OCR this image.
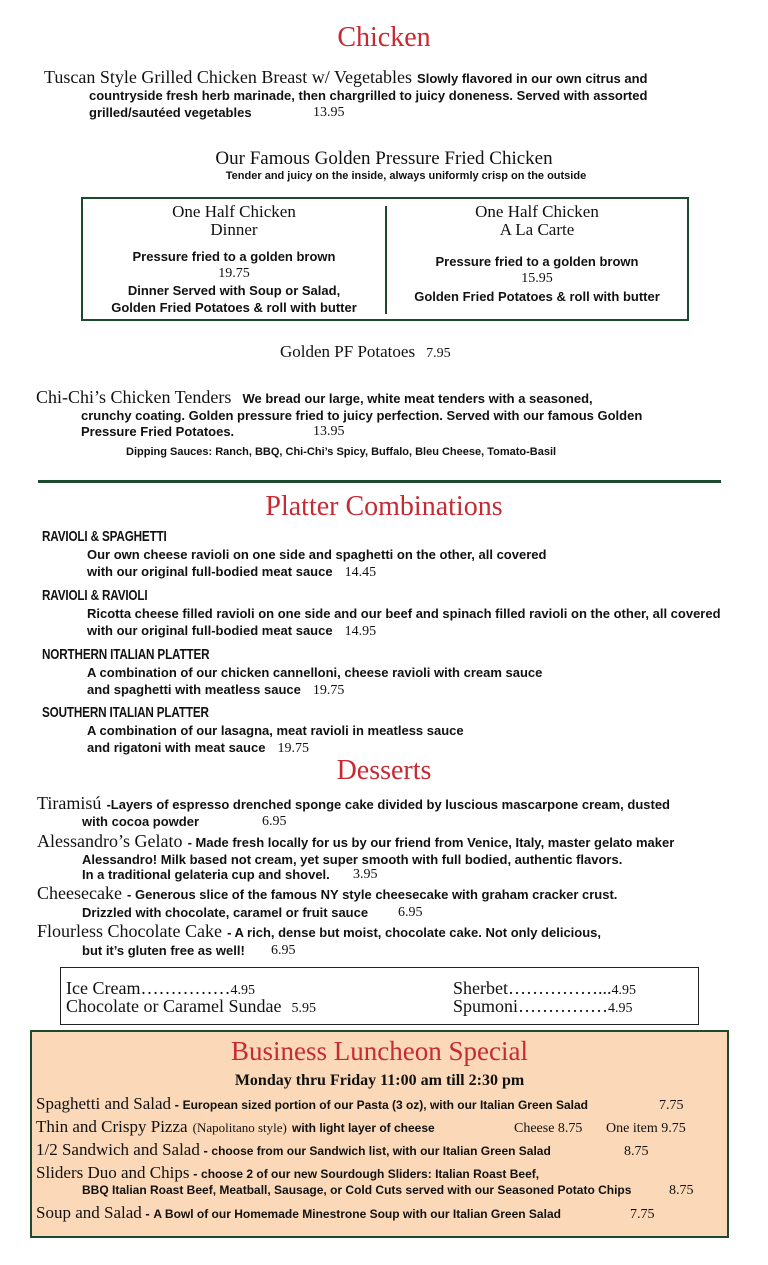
Chicken
Tuscan Style Grilled Chicken Breast w/ Vegetables Slowly flavored in our own citrus and
countryside fresh herb marinade, then chargrilled to juicy doneness. Served with assorted
grilled/sautéed vegetables	13.95
Our Famous Golden Pressure Fried Chicken
Tender and juicy on the inside, always uniformly crisp on the outside
One Half Chicken
Dinner
Pressure fried to a golden brown
19.75
Dinner Served with Soup or Salad,
Golden Fried Potatoes & roll with butter
One Half Chicken
A La Carte
Pressure fried to a golden brown
15.95
Golden Fried Potatoes & roll with butter
Golden PF Potatoes 7.95
Chi-Chi’s Chicken Tenders We bread our large, white meat tenders with a seasoned,
crunchy coating. Golden pressure fried to juicy perfection. Served with our famous Golden
Pressure Fried Potatoes.	13.95
Dipping Sauces: Ranch, BBQ, Chi-Chi’s Spicy, Buffalo, Bleu Cheese, Tomato-Basil
Platter Combinations
RAVIOLI & SPAGHETTI
Our own cheese ravioli on one side and spaghetti on the other, all covered
with our original full-bodied meat sauce 14.45
RAVIOLI & RAVIOLI
Ricotta cheese filled ravioli on one side and our beef and spinach filled ravioli on the other, all covered
with our original full-bodied meat sauce 14.95
NORTHERN ITALIAN PLATTER
A combination of our chicken cannelloni, cheese ravioli with cream sauce
and spaghetti with meatless sauce 19.75
SOUTHERN ITALIAN PLATTER
A combination of our lasagna, meat ravioli in meatless sauce
and rigatoni with meat sauce 19.75
Desserts
Tiramisú -Layers of espresso drenched sponge cake divided by luscious mascarpone cream, dusted
with cocoa powder	6.95
Alessandro’s Gelato - Made fresh locally for us by our friend from Venice, Italy, master gelato maker
Alessandro! Milk based not cream, yet super smooth with full bodied, authentic flavors.
In a traditional gelateria cup and shovel. 3.95
Cheesecake - Generous slice of the famous NY style cheesecake with graham cracker crust.
Drizzled with chocolate, caramel or fruit sauce 6.95
Flourless Chocolate Cake - A rich, dense but moist, chocolate cake. Not only delicious,
but it’s gluten free as well! 6.95
Ice Cream……………4.95
Chocolate or Caramel Sundae 5.95
Sherbet……………...4.95
Spumoni……………4.95
Business Luncheon Special
Monday thru Friday 11:00 am till 2:30 pm
Spaghetti and Salad - European sized portion of our Pasta (3 oz), with our Italian Green Salad	7.75
Thin and Crispy Pizza (Napolitano style) with light layer of cheese	Cheese 8.75 One item 9.75
1/2 Sandwich and Salad - choose from our Sandwich list, with our Italian Green Salad	8.75
Sliders Duo and Chips - choose 2 of our new Sourdough Sliders: Italian Roast Beef,
BBQ Italian Roast Beef, Meatball, Sausage, or Cold Cuts served with our Seasoned Potato Chips	8.75
Soup and Salad - A Bowl of our Homemade Minestrone Soup with our Italian Green Salad	7.75
